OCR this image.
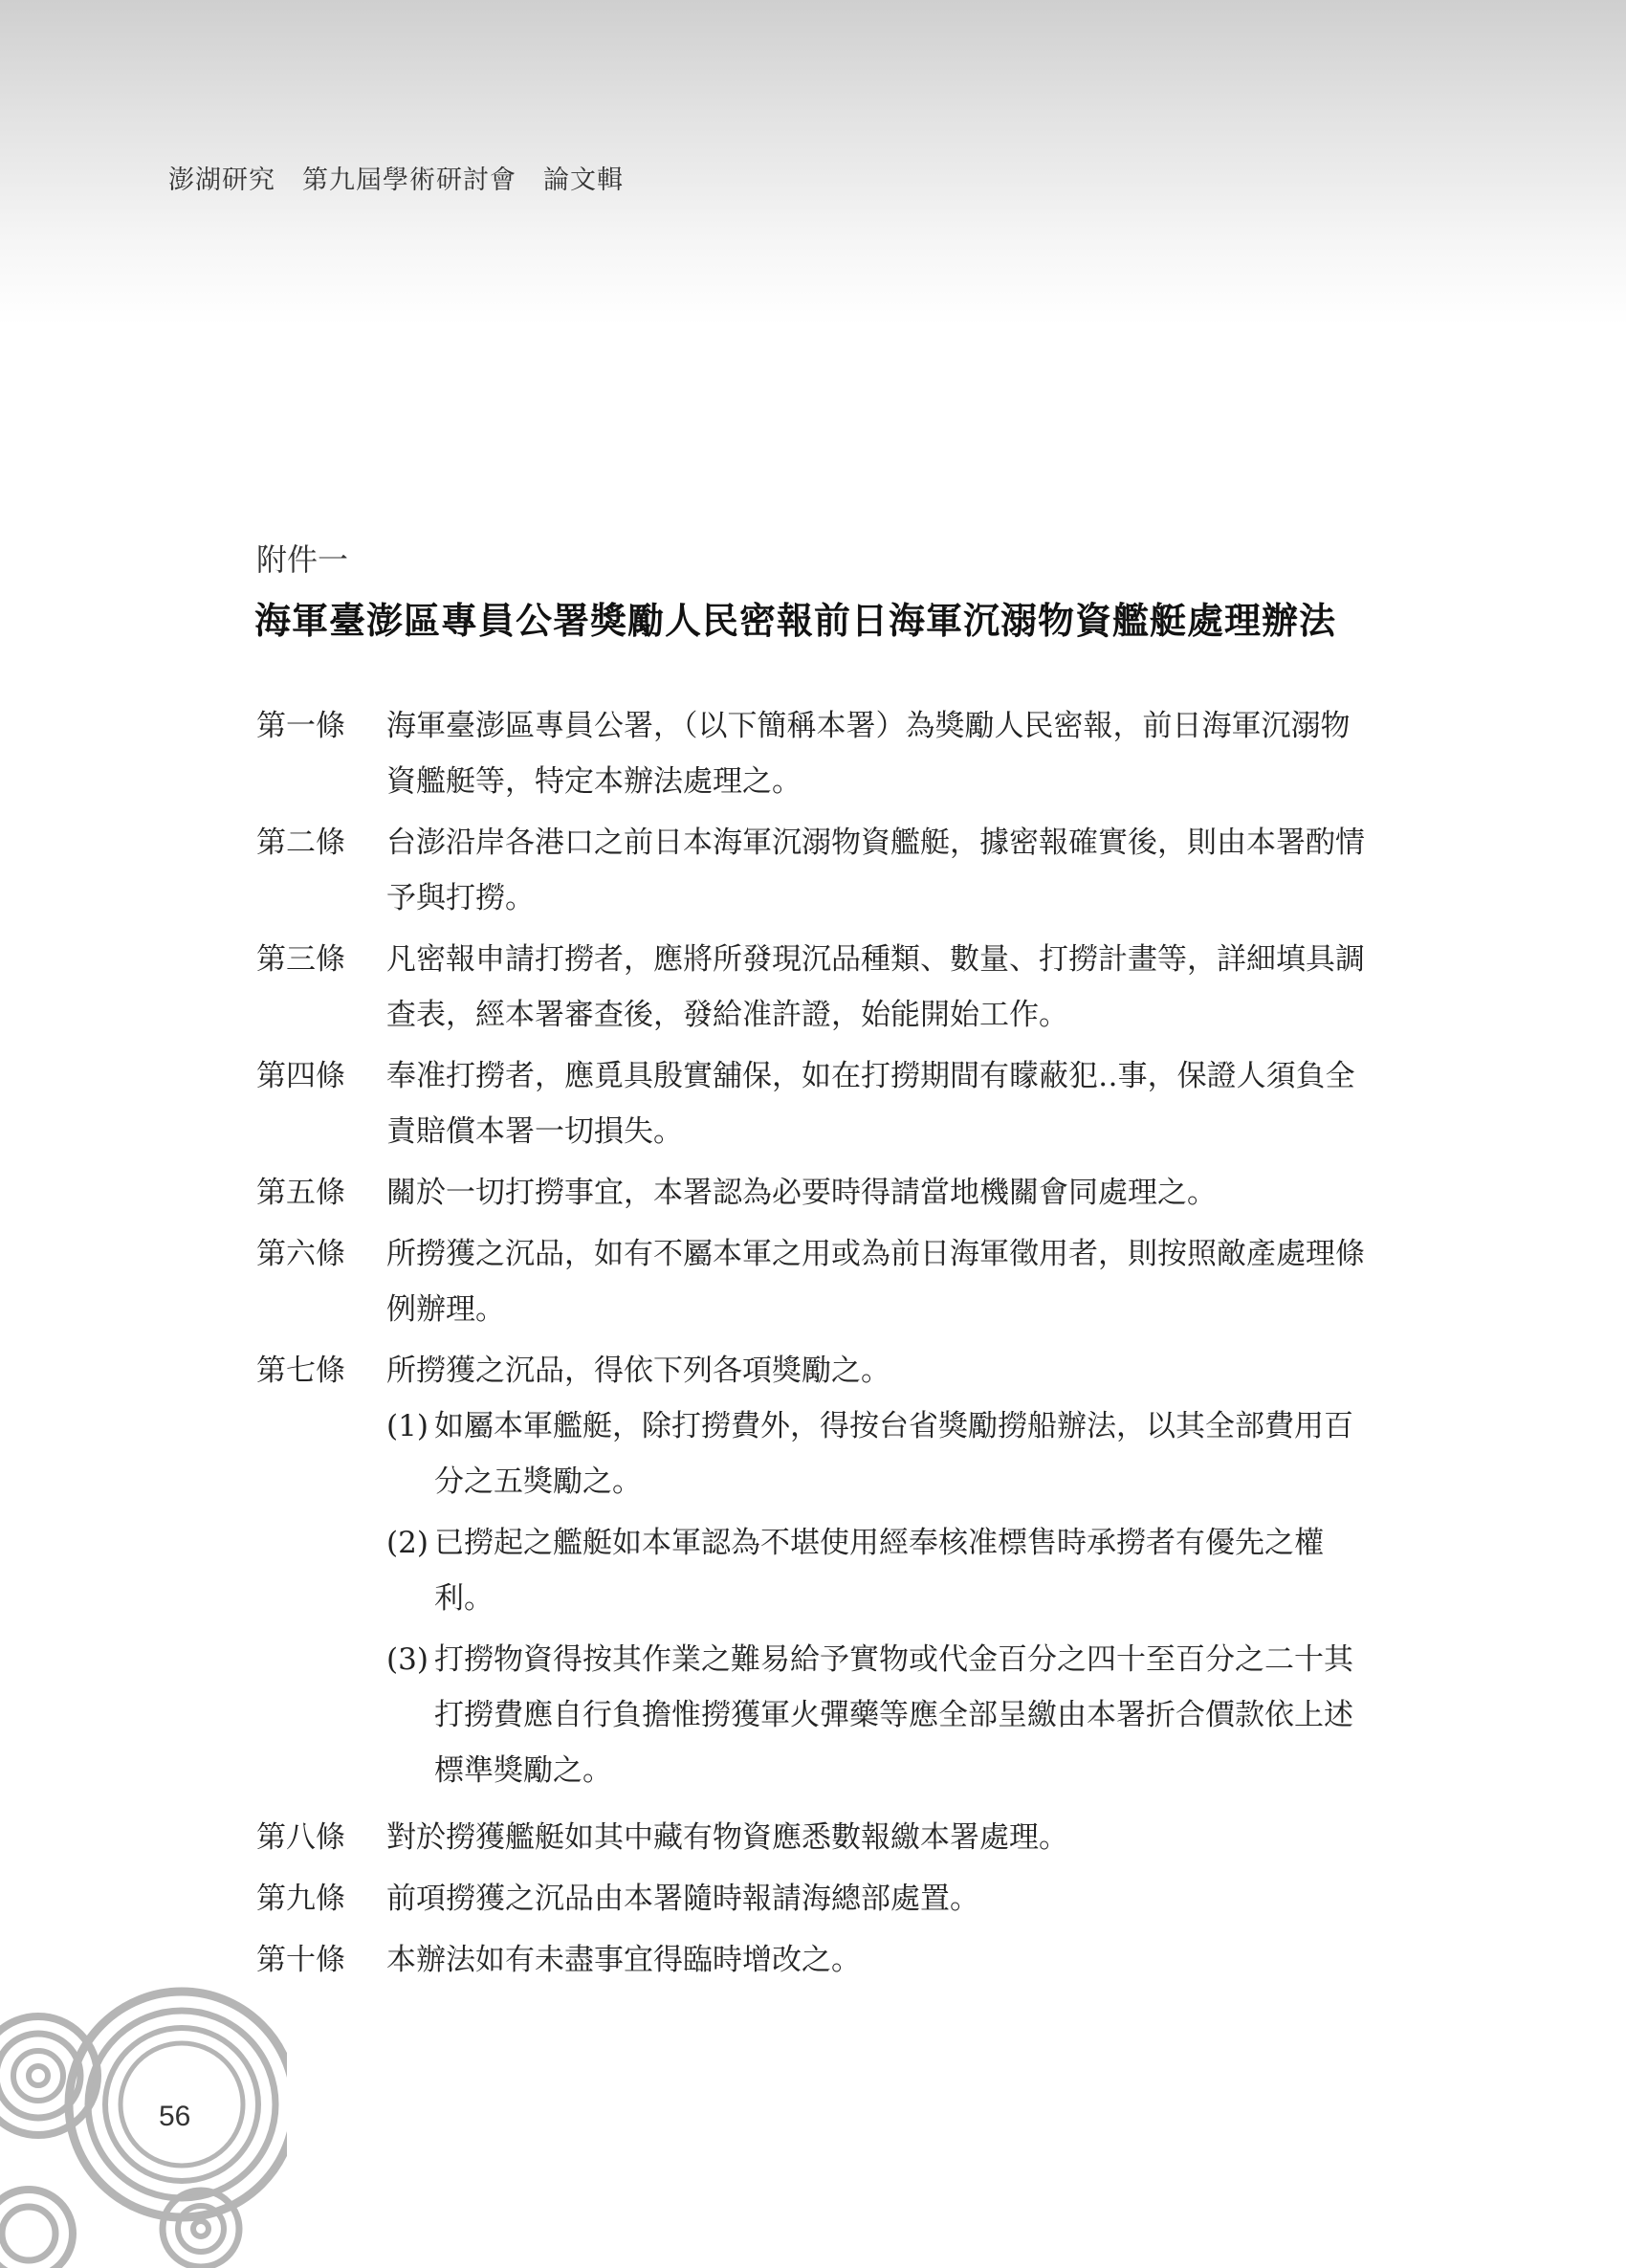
澎湖研究　第九屆學術研討會　論文輯
附件一
海軍臺澎區專員公署獎勵人民密報前日海軍沉溺物資艦艇處理辦法
第一條	海軍臺澎區專員公署，（以下簡稱本署）為獎勵人民密報，前日海軍沉溺物資艦艇等，特定本辦法處理之。
第二條	台澎沿岸各港口之前日本海軍沉溺物資艦艇，據密報確實後，則由本署酌情予與打撈。
第三條	凡密報申請打撈者，應將所發現沉品種類、數量、打撈計畫等，詳細填具調查表，經本署審查後，發給准許證，始能開始工作。
第四條	奉准打撈者，應覓具殷實舖保，如在打撈期間有矇蔽犯‥事，保證人須負全責賠償本署一切損失。
第五條	關於一切打撈事宜，本署認為必要時得請當地機關會同處理之。
第六條	所撈獲之沉品，如有不屬本軍之用或為前日海軍徵用者，則按照敵產處理條例辦理。
第七條	所撈獲之沉品，得依下列各項獎勵之。
(1) 如屬本軍艦艇，除打撈費外，得按台省獎勵撈船辦法，以其全部費用百分之五獎勵之。
(2) 已撈起之艦艇如本軍認為不堪使用經奉核准標售時承撈者有優先之權利。
(3) 打撈物資得按其作業之難易給予實物或代金百分之四十至百分之二十其打撈費應自行負擔惟撈獲軍火彈藥等應全部呈繳由本署折合價款依上述標準獎勵之。
第八條	對於撈獲艦艇如其中藏有物資應悉數報繳本署處理。
第九條	前項撈獲之沉品由本署隨時報請海總部處置。
第十條	本辦法如有未盡事宜得臨時增改之。
56
